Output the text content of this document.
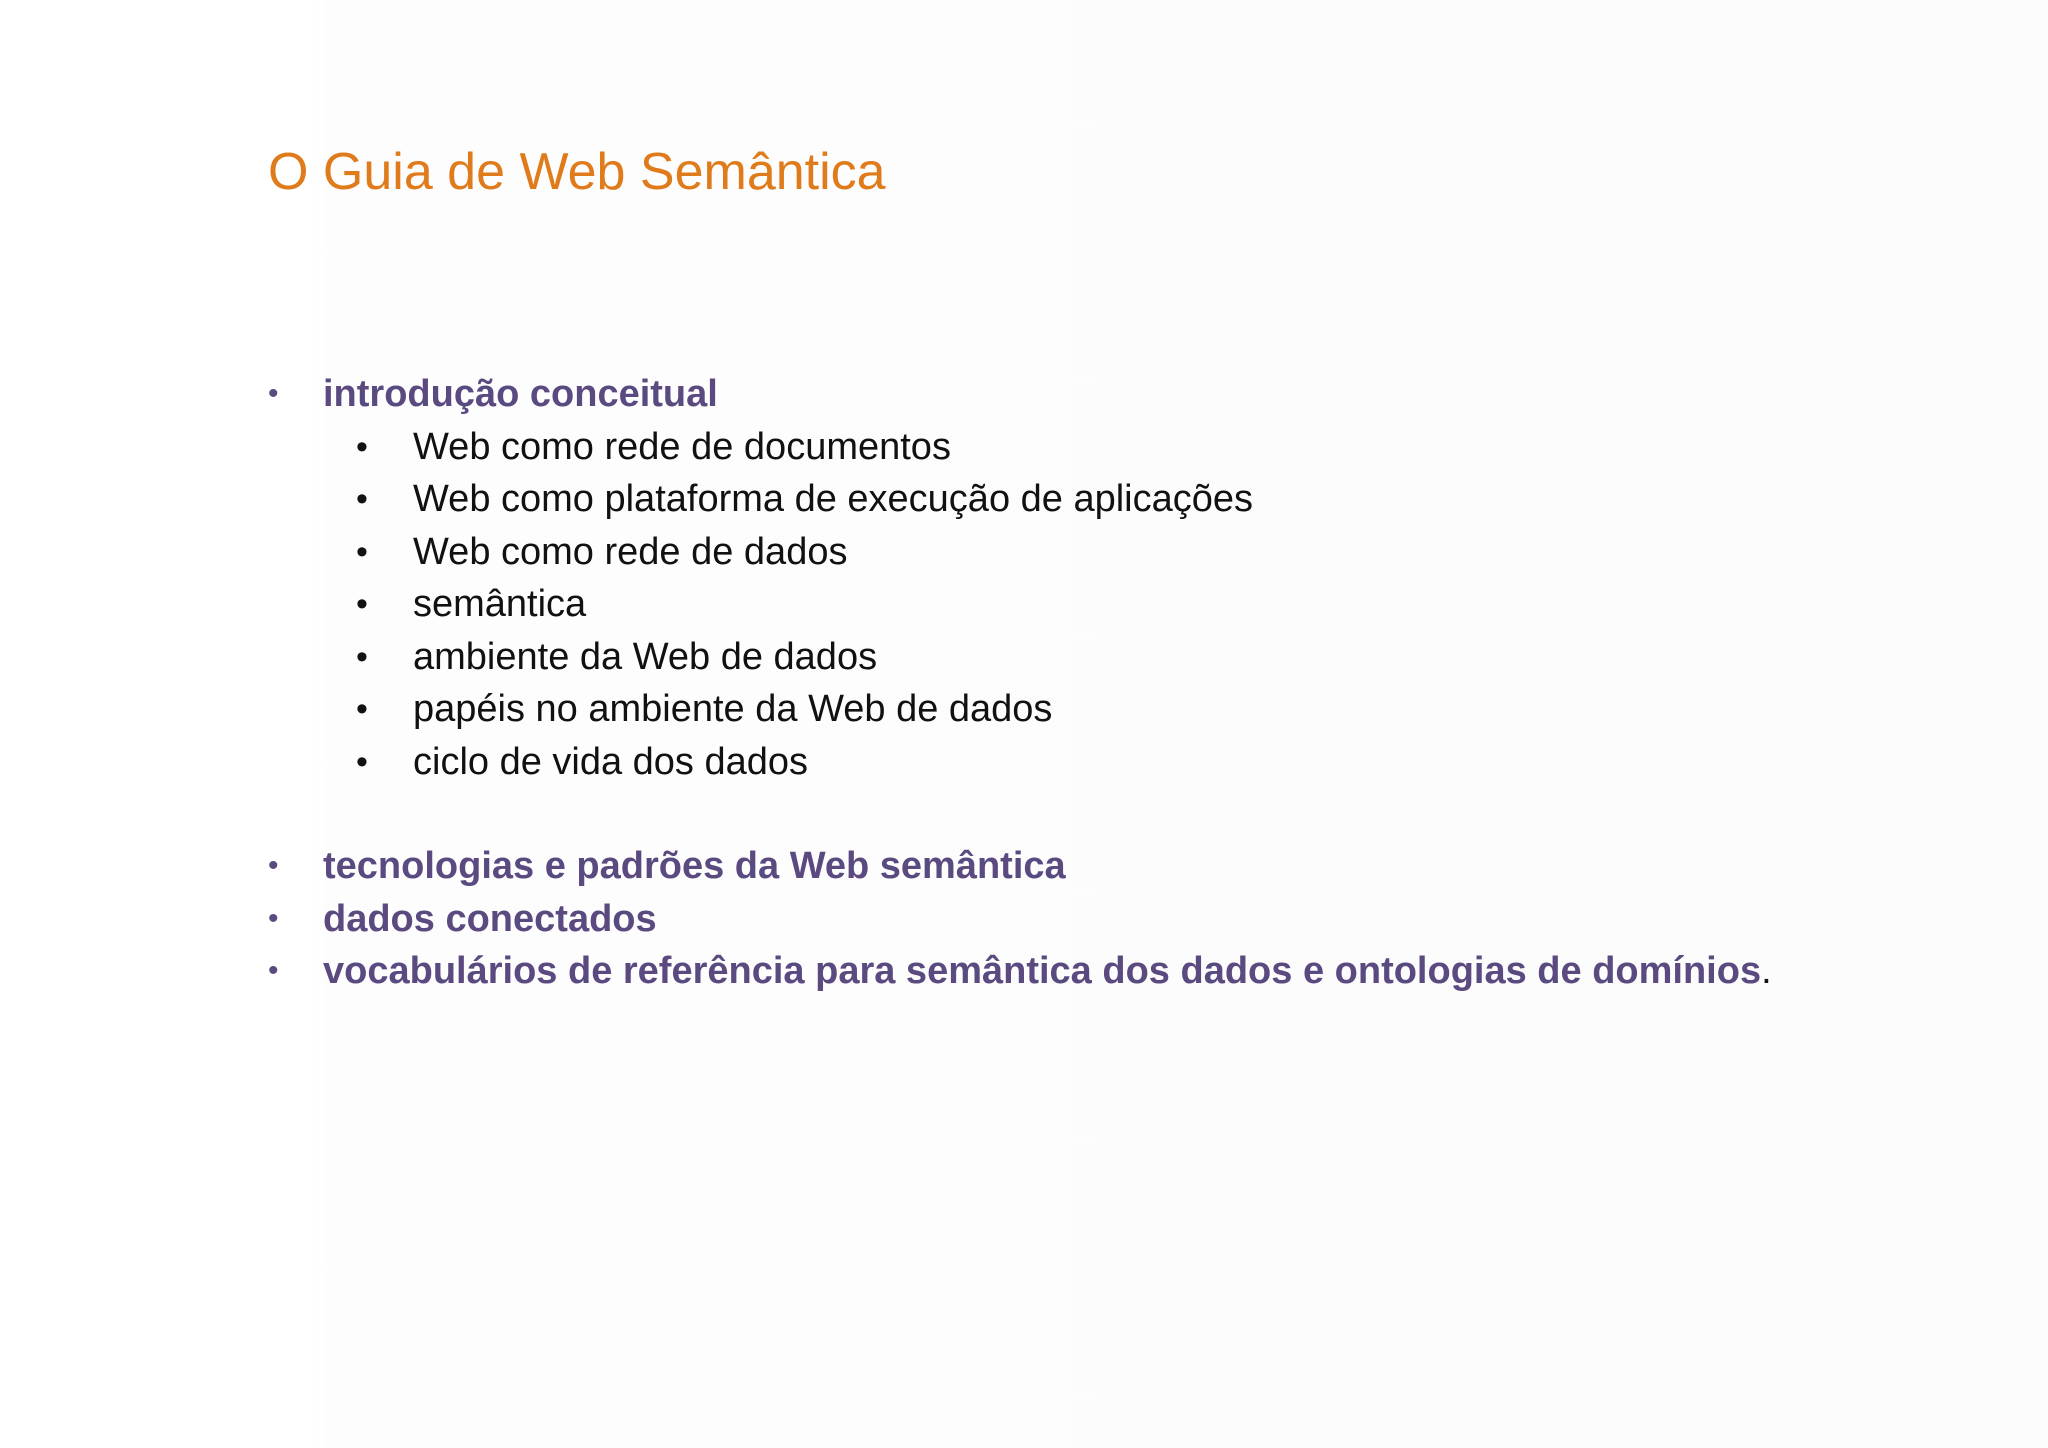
O Guia de Web Semântica
• introdução conceitual
• Web como rede de documentos
• Web como plataforma de execução de aplicações
• Web como rede de dados
• semântica
• ambiente da Web de dados
• papéis no ambiente da Web de dados
• ciclo de vida dos dados
• tecnologias e padrões da Web semântica
• dados conectados
• vocabulários de referência para semântica dos dados e ontologias de domínios.
